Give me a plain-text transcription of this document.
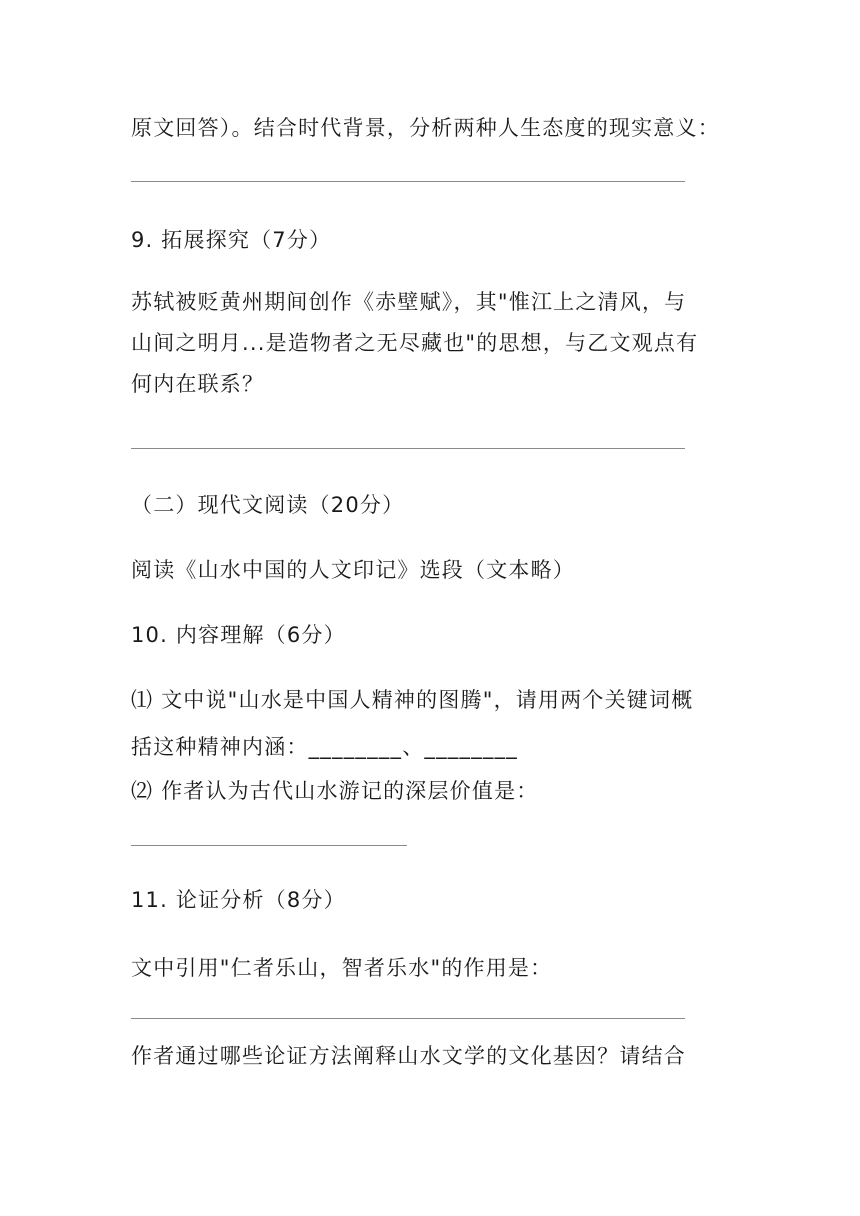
原文回答）。结合时代背景，分析两种人生态度的现实意义：
9. 拓展探究（7分）
苏轼被贬黄州期间创作《赤壁赋》，其"惟江上之清风，与
山间之明月...是造物者之无尽藏也"的思想，与乙文观点有
何内在联系？
（二）现代文阅读（20分）
阅读《山水中国的人文印记》选段（文本略）
10. 内容理解（6分）
⑴ 文中说"山水是中国人精神的图腾"，请用两个关键词概
括这种精神内涵：________、________
⑵ 作者认为古代山水游记的深层价值是：
11. 论证分析（8分）
文中引用"仁者乐山，智者乐水"的作用是：
作者通过哪些论证方法阐释山水文学的文化基因？请结合
